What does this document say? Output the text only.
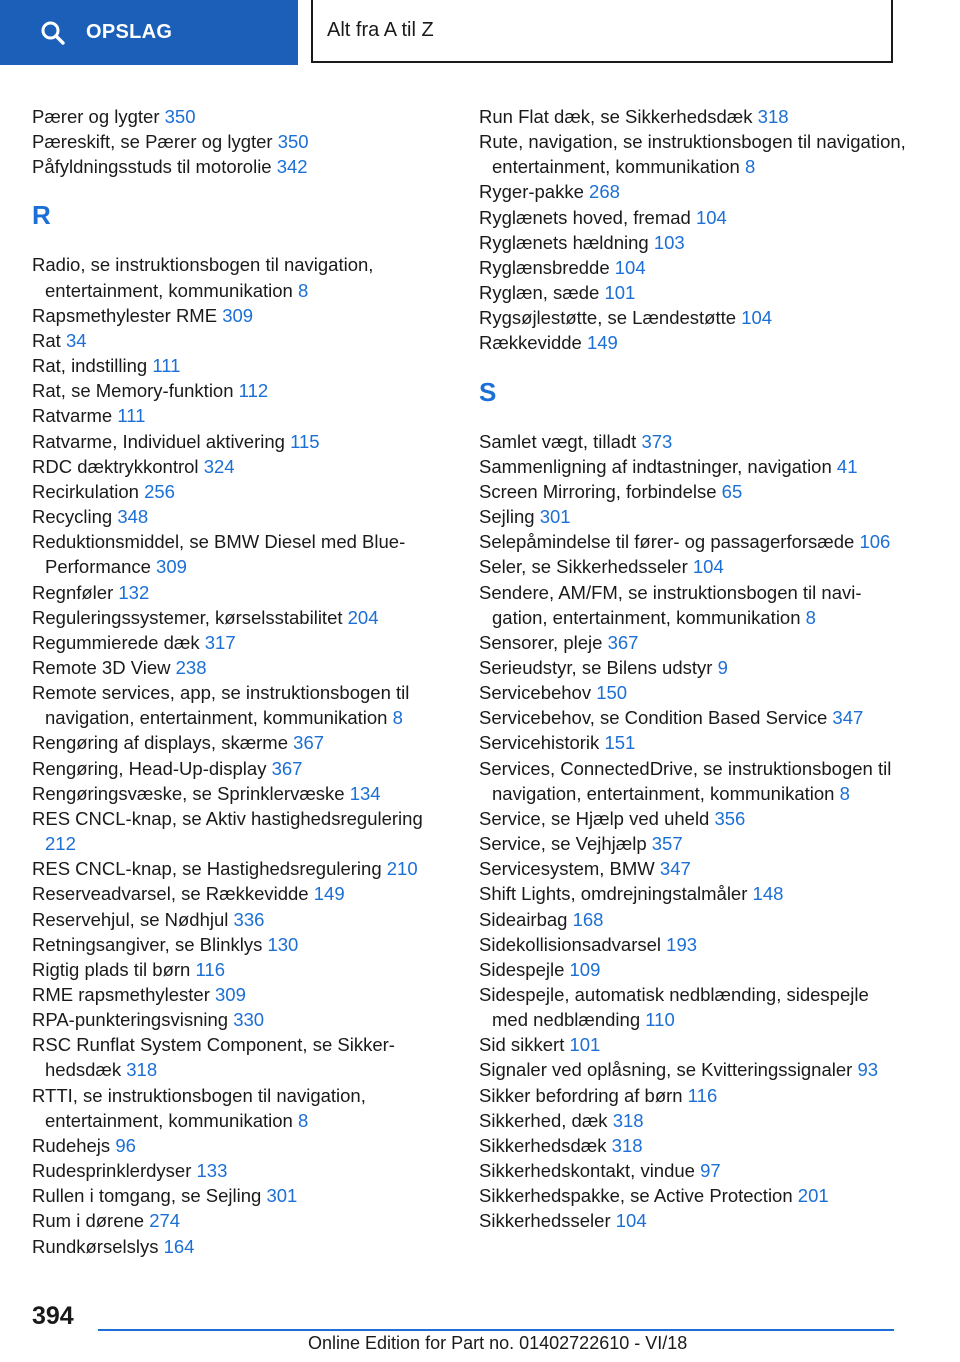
OPSLAG	Alt fra A til Z
Pærer og lygter 350
Pæreskift, se Pærer og lygter 350
Påfyldningsstuds til motorolie 342
R
Radio, se instruktionsbogen til navigation, entertainment, kommunikation 8
Rapsmethylester RME 309
Rat 34
Rat, indstilling 111
Rat, se Memory-funktion 112
Ratvarme 111
Ratvarme, Individuel aktivering 115
RDC dæktrykkontrol 324
Recirkulation 256
Recycling 348
Reduktionsmiddel, se BMW Diesel med BluePerformance 309
Regnføler 132
Reguleringssystemer, kørselsstabilitet 204
Regummierede dæk 317
Remote 3D View 238
Remote services, app, se instruktionsbogen til navigation, entertainment, kommunikation 8
Rengøring af displays, skærme 367
Rengøring, Head-Up-display 367
Rengøringsvæske, se Sprinklervæske 134
RES CNCL-knap, se Aktiv hastighedsregulering 212
RES CNCL-knap, se Hastighedsregulering 210
Reserveadvarsel, se Rækkevidde 149
Reservehjul, se Nødhjul 336
Retningsangiver, se Blinklys 130
Rigtig plads til børn 116
RME rapsmethylester 309
RPA-punkteringsvisning 330
RSC Runflat System Component, se Sikkerhedsdæk 318
RTTI, se instruktionsbogen til navigation, entertainment, kommunikation 8
Rudehejs 96
Rudesprinklerdyser 133
Rullen i tomgang, se Sejling 301
Rum i dørene 274
Rundkørselslys 164
Run Flat dæk, se Sikkerhedsdæk 318
Rute, navigation, se instruktionsbogen til navigation, entertainment, kommunikation 8
Ryger-pakke 268
Ryglænets hoved, fremad 104
Ryglænets hældning 103
Ryglænsbredde 104
Ryglæn, sæde 101
Rygsøjlestøtte, se Lændestøtte 104
Rækkevidde 149
S
Samlet vægt, tilladt 373
Sammenligning af indtastninger, navigation 41
Screen Mirroring, forbindelse 65
Sejling 301
Selepåmindelse til fører- og passagerforsæde 106
Seler, se Sikkerhedsseler 104
Sendere, AM/FM, se instruktionsbogen til navigation, entertainment, kommunikation 8
Sensorer, pleje 367
Serieudstyr, se Bilens udstyr 9
Servicebehov 150
Servicebehov, se Condition Based Service 347
Servicehistorik 151
Services, ConnectedDrive, se instruktionsbogen til navigation, entertainment, kommunikation 8
Service, se Hjælp ved uheld 356
Service, se Vejhjælp 357
Servicesystem, BMW 347
Shift Lights, omdrejningstalmåler 148
Sideairbag 168
Sidekollisionsadvarsel 193
Sidespejle 109
Sidespejle, automatisk nedblænding, sidespejle med nedblænding 110
Sid sikkert 101
Signaler ved oplåsning, se Kvitteringssignaler 93
Sikker befordring af børn 116
Sikkerhed, dæk 318
Sikkerhedsdæk 318
Sikkerhedskontakt, vindue 97
Sikkerhedspakke, se Active Protection 201
Sikkerhedsseler 104
394
Online Edition for Part no. 01402722610 - VI/18
